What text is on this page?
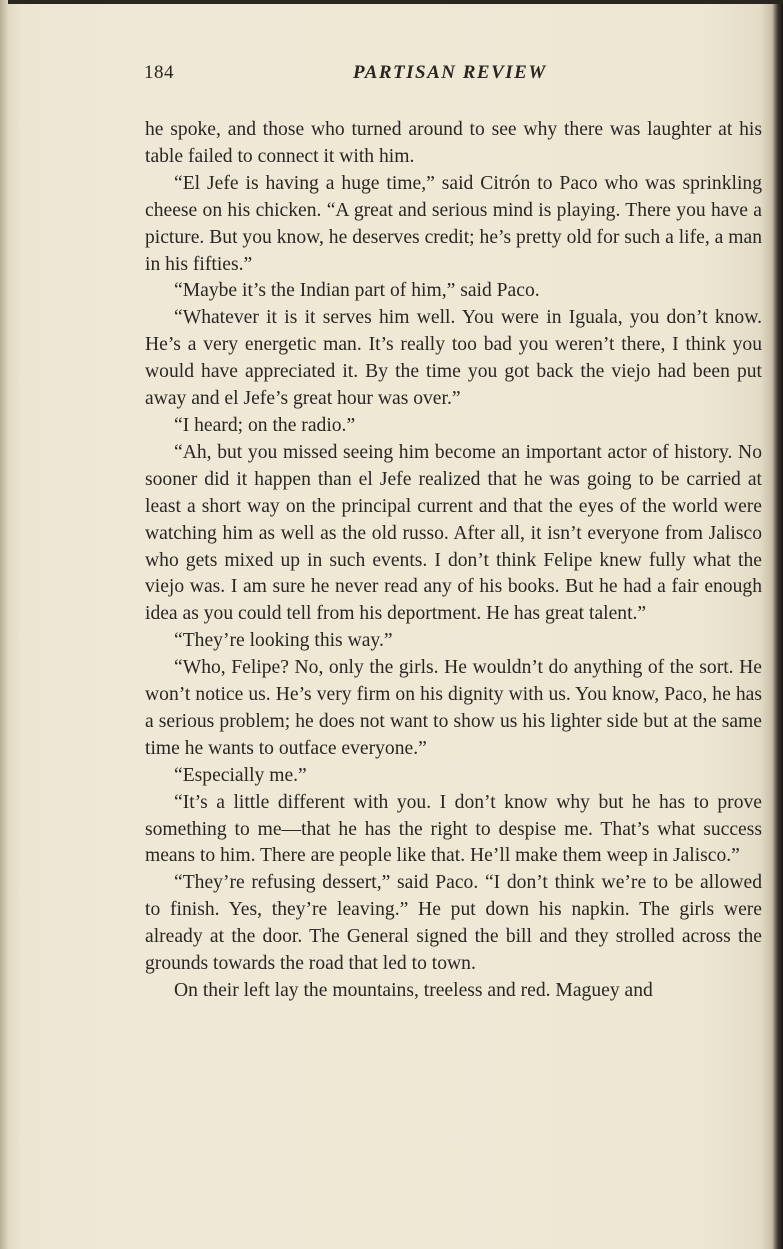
184	PARTISAN REVIEW

he spoke, and those who turned around to see why there was laughter at his table failed to connect it with him.

“El Jefe is having a huge time,” said Citrón to Paco who was sprinkling cheese on his chicken. “A great and serious mind is playing. There you have a picture. But you know, he deserves credit; he’s pretty old for such a life, a man in his fifties.”

“Maybe it’s the Indian part of him,” said Paco.

“Whatever it is it serves him well. You were in Iguala, you don’t know. He’s a very energetic man. It’s really too bad you weren’t there, I think you would have appreciated it. By the time you got back the viejo had been put away and el Jefe’s great hour was over.”

“I heard; on the radio.”

“Ah, but you missed seeing him become an important actor of history. No sooner did it happen than el Jefe realized that he was going to be carried at least a short way on the principal current and that the eyes of the world were watching him as well as the old russo. After all, it isn’t everyone from Jalisco who gets mixed up in such events. I don’t think Felipe knew fully what the viejo was. I am sure he never read any of his books. But he had a fair enough idea as you could tell from his deportment. He has great talent.”

“They’re looking this way.”

“Who, Felipe? No, only the girls. He wouldn’t do anything of the sort. He won’t notice us. He’s very firm on his dignity with us. You know, Paco, he has a serious problem; he does not want to show us his lighter side but at the same time he wants to outface everyone.”

“Especially me.”

“It’s a little different with you. I don’t know why but he has to prove something to me—that he has the right to despise me. That’s what success means to him. There are people like that. He’ll make them weep in Jalisco.”

“They’re refusing dessert,” said Paco. “I don’t think we’re to be allowed to finish. Yes, they’re leaving.” He put down his napkin. The girls were already at the door. The General signed the bill and they strolled across the grounds towards the road that led to town.

On their left lay the mountains, treeless and red. Maguey and
